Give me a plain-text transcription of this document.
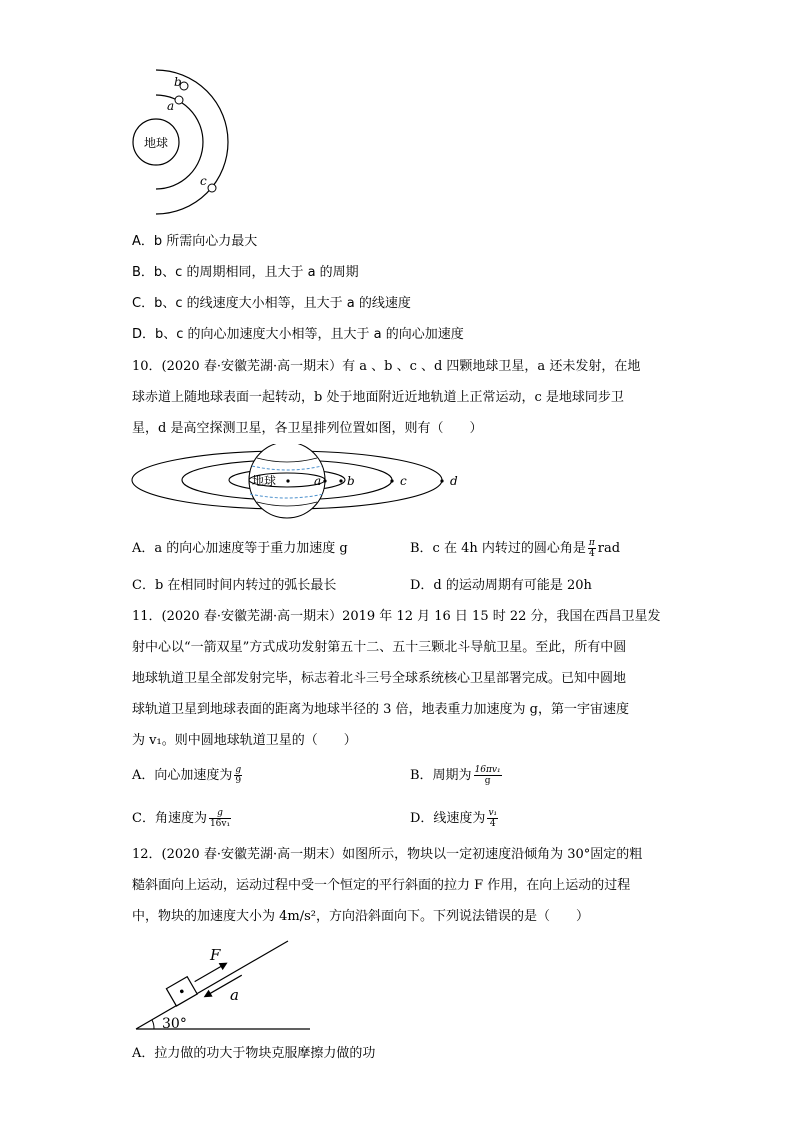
地球
b
a
c
A．b 所需向心力最大
B．b、c 的周期相同，且大于 a 的周期
C．b、c 的线速度大小相等，且大于 a 的线速度
D．b、c 的向心加速度大小相等，且大于 a 的向心加速度
10．(2020 春·安徽芜湖·高一期末）有 a 、b 、c 、d 四颗地球卫星，a 还未发射，在地
球赤道上随地球表面一起转动，b 处于地面附近近地轨道上正常运动，c 是地球同步卫
星，d 是高空探测卫星，各卫星排列位置如图，则有（　　）
地球	a b	c	d
A．a 的向心加速度等于重力加速度 g	B．c 在 4h 内转过的圆心角是 $\frac{\pi}{4}$ rad
C．b 在相同时间内转过的弧长最长	D．d 的运动周期有可能是 20h
11．(2020 春·安徽芜湖·高一期末）2019 年 12 月 16 日 15 时 22 分，我国在西昌卫星发
射中心以“一箭双星”方式成功发射第五十二、五十三颗北斗导航卫星。至此，所有中圆
地球轨道卫星全部发射完毕，标志着北斗三号全球系统核心卫星部署完成。已知中圆地
球轨道卫星到地球表面的距离为地球半径的 3 倍，地表重力加速度为 g，第一宇宙速度
为 v₁。则中圆地球轨道卫星的（　　）
A．向心加速度为 $\frac{g}{9}$	B．周期为 $\frac{\text{16πv₁}}{g}$
C．角速度为 $\frac{g}{\text{16v₁}}$	D．线速度为 $\frac{\text{v₁}}{4}$
12．(2020 春·安徽芜湖·高一期末）如图所示，物块以一定初速度沿倾角为 30°固定的粗
糙斜面向上运动，运动过程中受一个恒定的平行斜面的拉力 F 作用，在向上运动的过程
中，物块的加速度大小为 4m/s²，方向沿斜面向下。下列说法错误的是（　　）
30°
F
a
A．拉力做的功大于物块克服摩擦力做的功
